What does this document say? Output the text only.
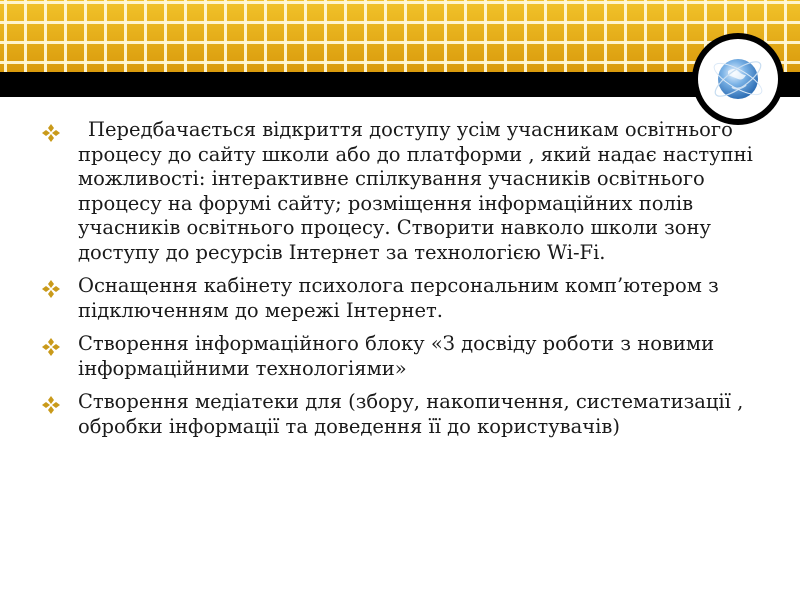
Передбачається відкриття доступу усім учасникам освітнього процесу до сайту школи або до платформи , який надає наступні можливості: інтерактивне спілкування учасників освітнього процесу на форумі сайту; розміщення інформаційних полів учасників освітнього процесу. Створити навколо школи зону доступу до ресурсів Інтернет за технологією Wi-Fi.
Оснащення кабінету психолога персональним комп’ютером з підключенням до мережі Інтернет.
Створення інформаційного блоку «З досвіду роботи з новими інформаційними технологіями»
Створення медіатеки для (збору, накопичення, систематизації , обробки інформації та доведення її до користувачів)
